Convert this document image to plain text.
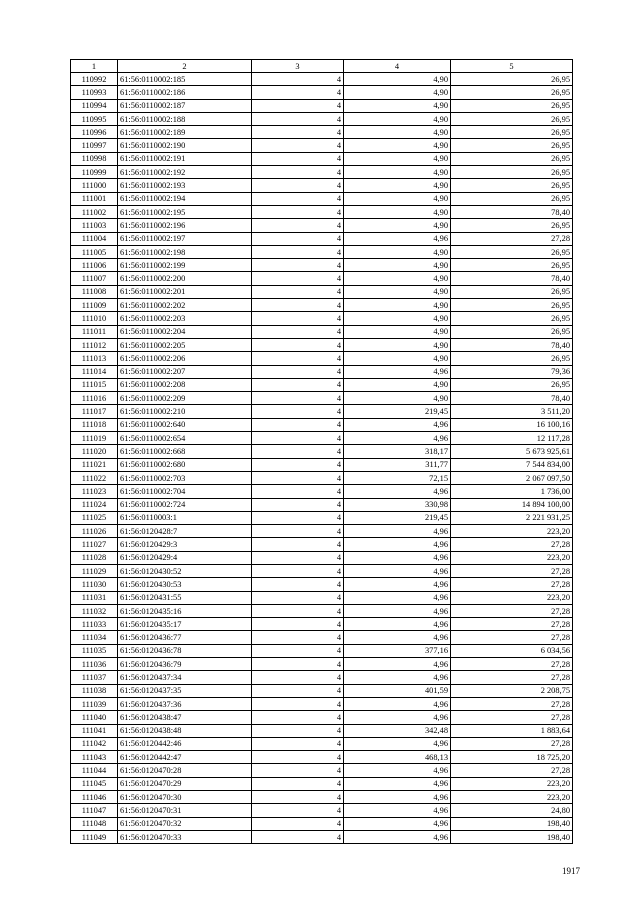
1	2	3	4	5
110992	61:56:0110002:185	4	4,90	26,95
110993	61:56:0110002:186	4	4,90	26,95
110994	61:56:0110002:187	4	4,90	26,95
110995	61:56:0110002:188	4	4,90	26,95
110996	61:56:0110002:189	4	4,90	26,95
110997	61:56:0110002:190	4	4,90	26,95
110998	61:56:0110002:191	4	4,90	26,95
110999	61:56:0110002:192	4	4,90	26,95
111000	61:56:0110002:193	4	4,90	26,95
111001	61:56:0110002:194	4	4,90	26,95
111002	61:56:0110002:195	4	4,90	78,40
111003	61:56:0110002:196	4	4,90	26,95
111004	61:56:0110002:197	4	4,96	27,28
111005	61:56:0110002:198	4	4,90	26,95
111006	61:56:0110002:199	4	4,90	26,95
111007	61:56:0110002:200	4	4,90	78,40
111008	61:56:0110002:201	4	4,90	26,95
111009	61:56:0110002:202	4	4,90	26,95
111010	61:56:0110002:203	4	4,90	26,95
111011	61:56:0110002:204	4	4,90	26,95
111012	61:56:0110002:205	4	4,90	78,40
111013	61:56:0110002:206	4	4,90	26,95
111014	61:56:0110002:207	4	4,96	79,36
111015	61:56:0110002:208	4	4,90	26,95
111016	61:56:0110002:209	4	4,90	78,40
111017	61:56:0110002:210	4	219,45	3 511,20
111018	61:56:0110002:640	4	4,96	16 100,16
111019	61:56:0110002:654	4	4,96	12 117,28
111020	61:56:0110002:668	4	318,17	5 673 925,61
111021	61:56:0110002:680	4	311,77	7 544 834,00
111022	61:56:0110002:703	4	72,15	2 067 097,50
111023	61:56:0110002:704	4	4,96	1 736,00
111024	61:56:0110002:724	4	330,98	14 894 100,00
111025	61:56:0110003:1	4	219,45	2 221 931,25
111026	61:56:0120428:7	4	4,96	223,20
111027	61:56:0120429:3	4	4,96	27,28
111028	61:56:0120429:4	4	4,96	223,20
111029	61:56:0120430:52	4	4,96	27,28
111030	61:56:0120430:53	4	4,96	27,28
111031	61:56:0120431:55	4	4,96	223,20
111032	61:56:0120435:16	4	4,96	27,28
111033	61:56:0120435:17	4	4,96	27,28
111034	61:56:0120436:77	4	4,96	27,28
111035	61:56:0120436:78	4	377,16	6 034,56
111036	61:56:0120436:79	4	4,96	27,28
111037	61:56:0120437:34	4	4,96	27,28
111038	61:56:0120437:35	4	401,59	2 208,75
111039	61:56:0120437:36	4	4,96	27,28
111040	61:56:0120438:47	4	4,96	27,28
111041	61:56:0120438:48	4	342,48	1 883,64
111042	61:56:0120442:46	4	4,96	27,28
111043	61:56:0120442:47	4	468,13	18 725,20
111044	61:56:0120470:28	4	4,96	27,28
111045	61:56:0120470:29	4	4,96	223,20
111046	61:56:0120470:30	4	4,96	223,20
111047	61:56:0120470:31	4	4,96	24,80
111048	61:56:0120470:32	4	4,96	198,40
111049	61:56:0120470:33	4	4,96	198,40
1917
